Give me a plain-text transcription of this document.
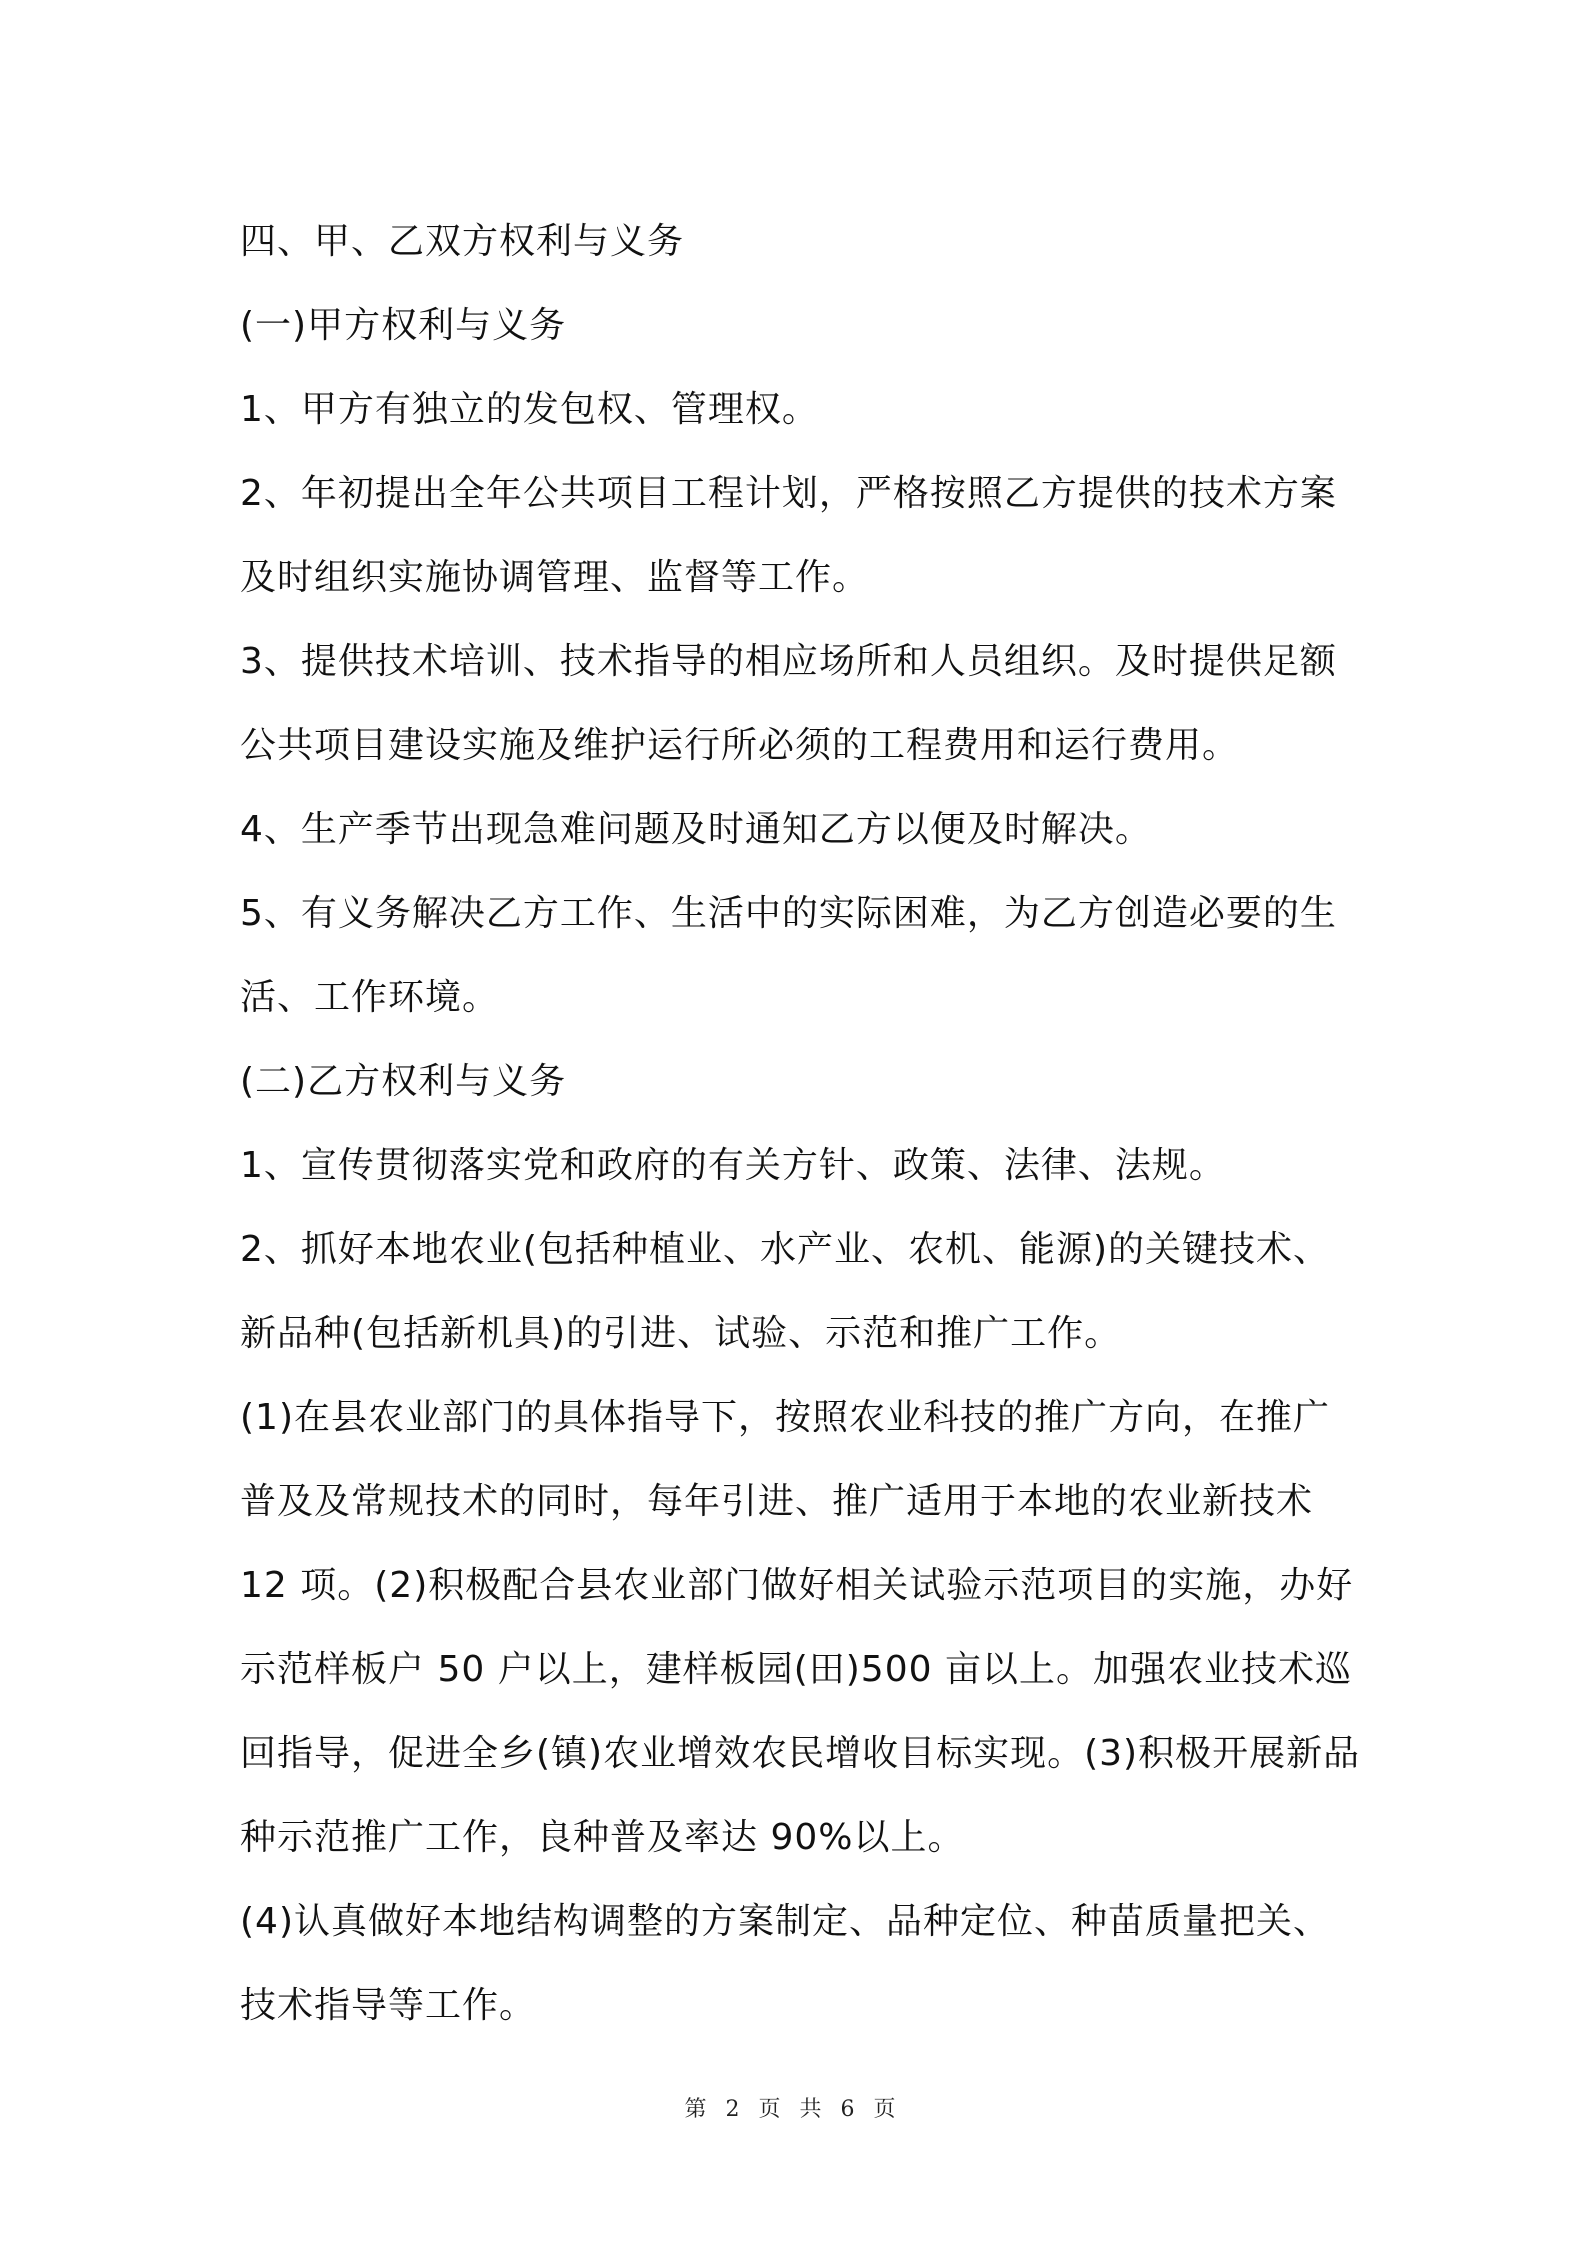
四、甲、乙双方权利与义务
(一)甲方权利与义务
1、甲方有独立的发包权、管理权。
2、年初提出全年公共项目工程计划，严格按照乙方提供的技术方案
及时组织实施协调管理、监督等工作。
3、提供技术培训、技术指导的相应场所和人员组织。及时提供足额
公共项目建设实施及维护运行所必须的工程费用和运行费用。
4、生产季节出现急难问题及时通知乙方以便及时解决。
5、有义务解决乙方工作、生活中的实际困难，为乙方创造必要的生
活、工作环境。
(二)乙方权利与义务
1、宣传贯彻落实党和政府的有关方针、政策、法律、法规。
2、抓好本地农业(包括种植业、水产业、农机、能源)的关键技术、
新品种(包括新机具)的引进、试验、示范和推广工作。
(1)在县农业部门的具体指导下，按照农业科技的推广方向，在推广
普及及常规技术的同时，每年引进、推广适用于本地的农业新技术
12 项。(2)积极配合县农业部门做好相关试验示范项目的实施，办好
示范样板户 50 户以上，建样板园(田)500 亩以上。加强农业技术巡
回指导，促进全乡(镇)农业增效农民增收目标实现。(3)积极开展新品
种示范推广工作，良种普及率达 90%以上。
(4)认真做好本地结构调整的方案制定、品种定位、种苗质量把关、
技术指导等工作。
第 2 页 共 6 页
